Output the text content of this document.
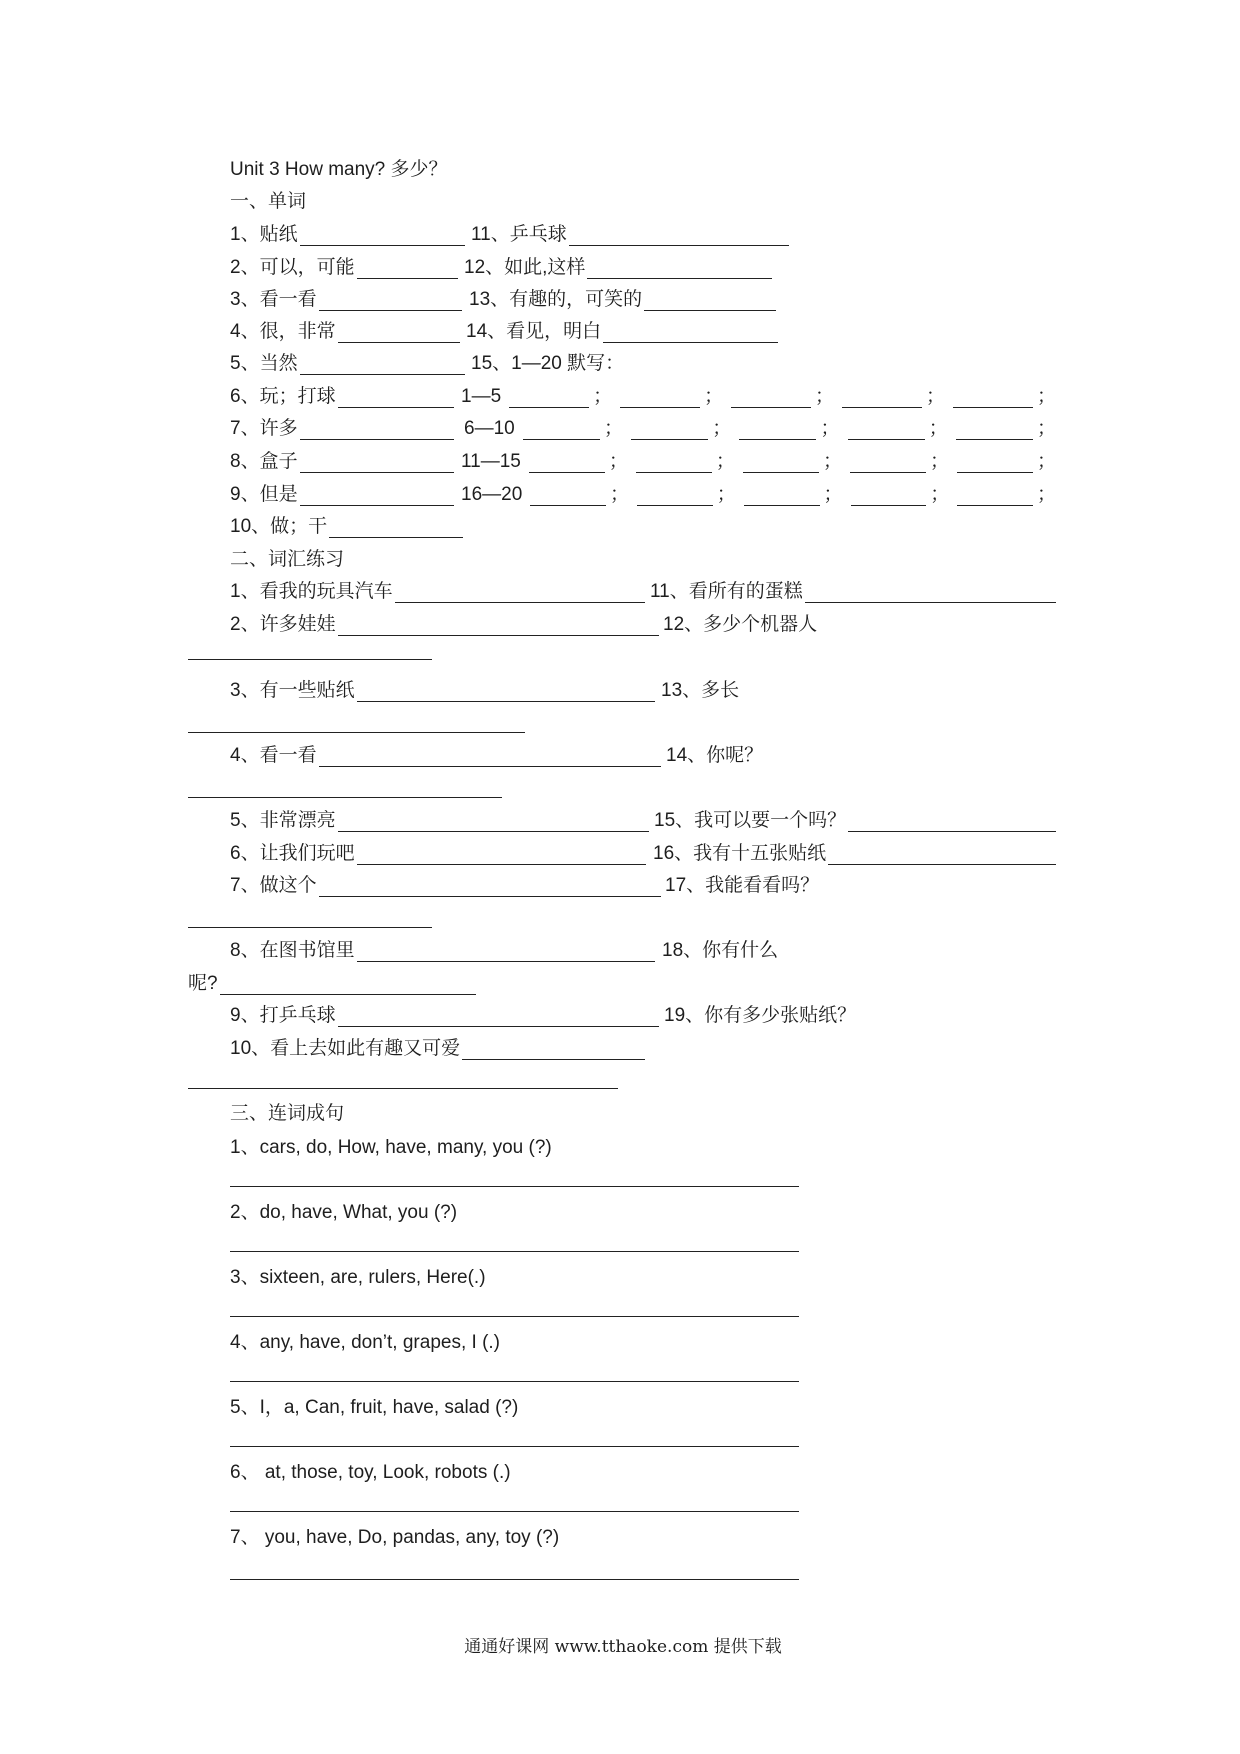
Unit 3 How many? 多少？
一、单词
1、贴纸	11、乒乓球
2、可以，可能	12、如此,这样
3、看一看	13、有趣的，可笑的
4、很，非常	14、看见，明白
5、当然	15、1—20 默写：
6、玩；打球	1—5	；	；	；	；	；
7、许多	6—10	；	；	；	；	；
8、盒子	11—15	；	；	；	；	；
9、但是	16—20	；	；	；	；	；
10、做；干
二、词汇练习
1、看我的玩具汽车	11、看所有的蛋糕
2、许多娃娃	12、多少个机器人
3、有一些贴纸	13、多长
4、看一看	14、你呢？
5、非常漂亮	15、我可以要一个吗？
6、让我们玩吧	16、我有十五张贴纸
7、做这个	17、我能看看吗？
8、在图书馆里	18、你有什么
呢?
9、打乒乓球	19、你有多少张贴纸？
10、看上去如此有趣又可爱
三、连词成句
1、cars, do, How, have, many, you (?)
2、do, have, What, you (?)
3、sixteen, are, rulers, Here(.)
4、any, have, don’t, grapes, I (.)
5、I，a, Can, fruit, have, salad (?)
6、 at, those, toy, Look, robots (.)
7、 you, have, Do, pandas, any, toy (?)
通通好课网 www.tthaoke.com 提供下载
